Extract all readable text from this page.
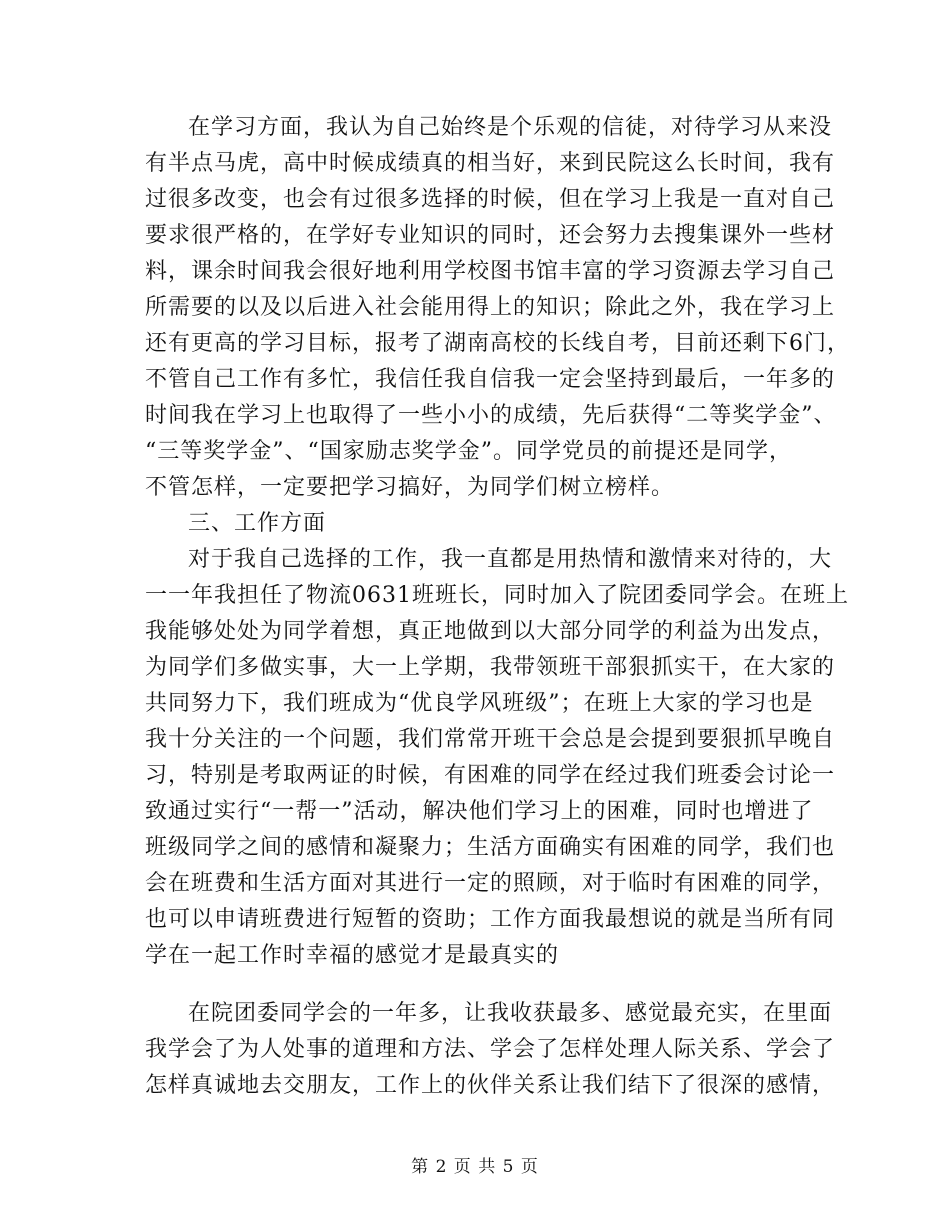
在学习方面，我认为自己始终是个乐观的信徒，对待学习从来没
有半点马虎，高中时候成绩真的相当好，来到民院这么长时间，我有
过很多改变，也会有过很多选择的时候，但在学习上我是一直对自己
要求很严格的，在学好专业知识的同时，还会努力去搜集课外一些材
料，课余时间我会很好地利用学校图书馆丰富的学习资源去学习自己
所需要的以及以后进入社会能用得上的知识；除此之外，我在学习上
还有更高的学习目标，报考了湖南高校的长线自考，目前还剩下6门，
不管自己工作有多忙，我信任我自信我一定会坚持到最后，一年多的
时间我在学习上也取得了一些小小的成绩，先后获得“二等奖学金”、
“三等奖学金”、“国家励志奖学金”。同学党员的前提还是同学，
不管怎样，一定要把学习搞好，为同学们树立榜样。
三、工作方面
对于我自己选择的工作，我一直都是用热情和激情来对待的，大
一一年我担任了物流0631班班长，同时加入了院团委同学会。在班上
我能够处处为同学着想，真正地做到以大部分同学的利益为出发点，
为同学们多做实事，大一上学期，我带领班干部狠抓实干，在大家的
共同努力下，我们班成为“优良学风班级”；在班上大家的学习也是
我十分关注的一个问题，我们常常开班干会总是会提到要狠抓早晚自
习，特别是考取两证的时候，有困难的同学在经过我们班委会讨论一
致通过实行“一帮一”活动，解决他们学习上的困难，同时也增进了
班级同学之间的感情和凝聚力；生活方面确实有困难的同学，我们也
会在班费和生活方面对其进行一定的照顾，对于临时有困难的同学，
也可以申请班费进行短暂的资助；工作方面我最想说的就是当所有同
学在一起工作时幸福的感觉才是最真实的
在院团委同学会的一年多，让我收获最多、感觉最充实，在里面
我学会了为人处事的道理和方法、学会了怎样处理人际关系、学会了
怎样真诚地去交朋友，工作上的伙伴关系让我们结下了很深的感情，
第 2 页 共 5 页
